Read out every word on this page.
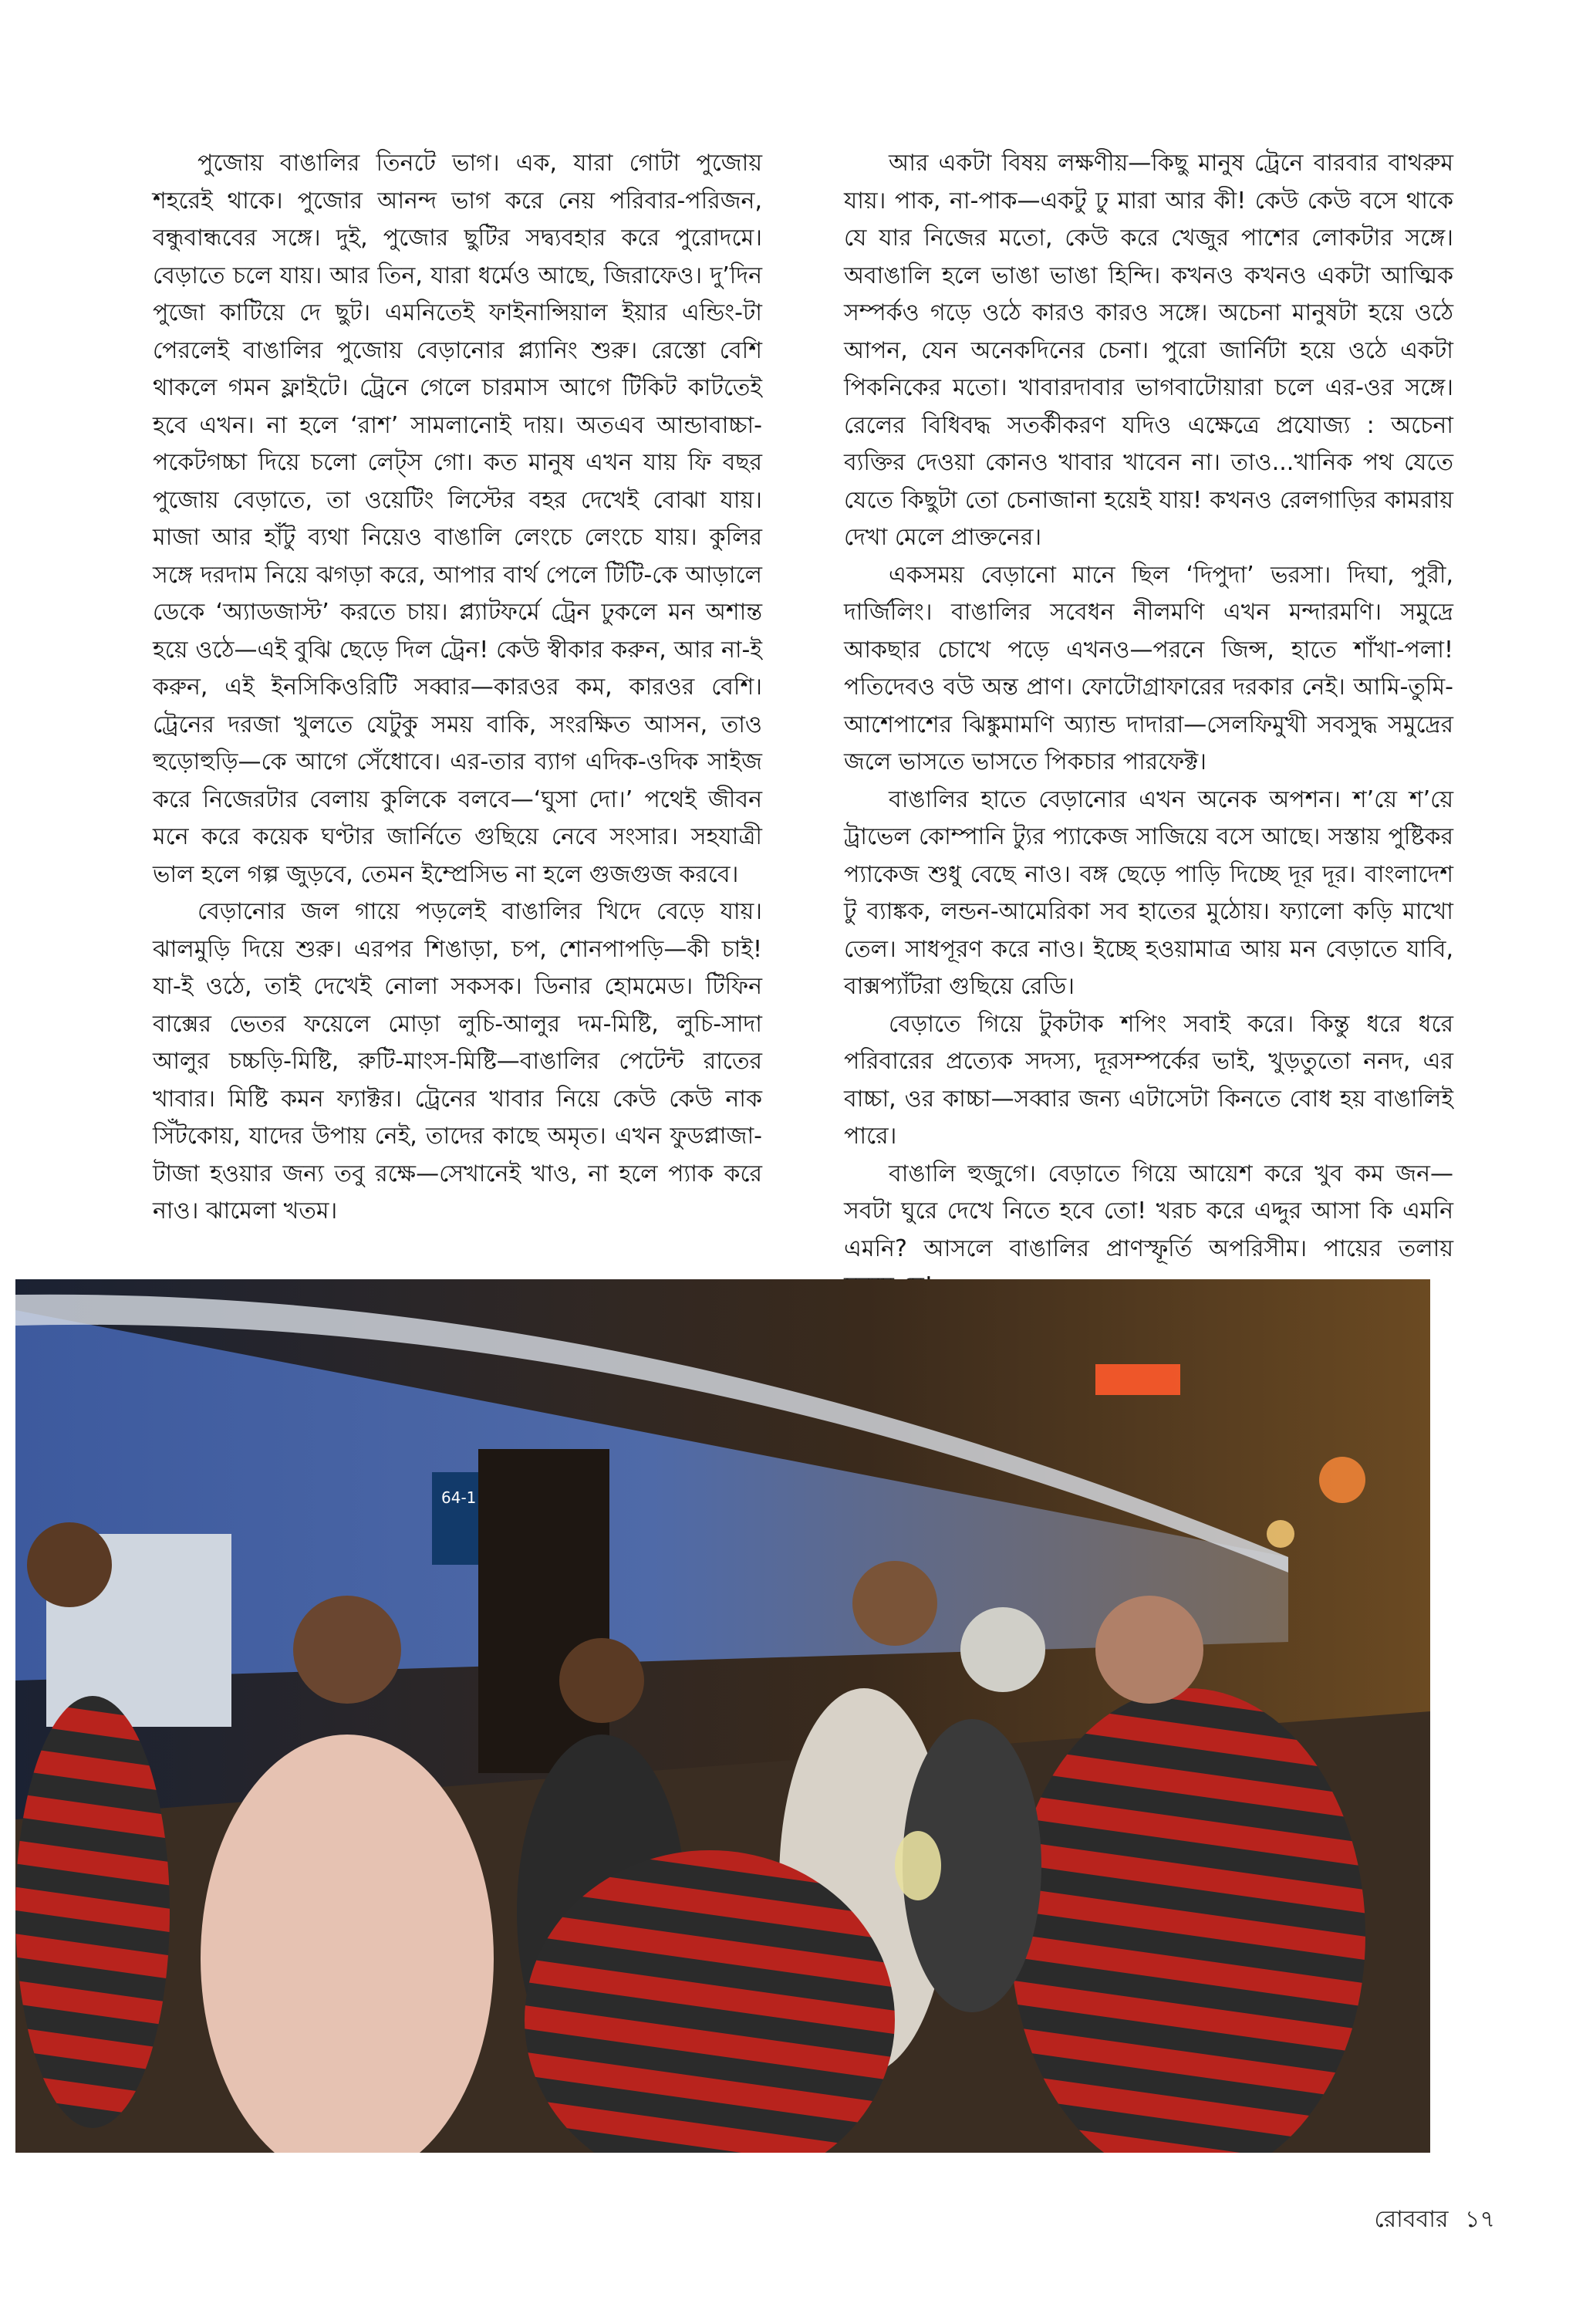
পুজোয় বাঙালির তিনটে ভাগ। এক, যারা গোটা পুজোয় শহরেই থাকে। পুজোর আনন্দ ভাগ করে নেয় পরিবার-পরিজন, বন্ধুবান্ধবের সঙ্গে। দুই, পুজোর ছুটির সদ্ব্যবহার করে পুরোদমে। বেড়াতে চলে যায়। আর তিন, যারা ধর্মেও আছে, জিরাফেও। দু’দিন পুজো কাটিয়ে দে ছুট। এমনিতেই ফাইনান্সিয়াল ইয়ার এন্ডিং-টা পেরলেই বাঙালির পুজোয় বেড়ানোর প্ল্যানিং শুরু। রেস্তো বেশি থাকলে গমন ফ্লাইটে। ট্রেনে গেলে চারমাস আগে টিকিট কাটতেই হবে এখন। না হলে ‘রাশ’ সামলানোই দায়। অতএব আন্ডাবাচ্চা-পকেটগচ্চা দিয়ে চলো লেট্স গো। কত মানুষ এখন যায় ফি বছর পুজোয় বেড়াতে, তা ওয়েটিং লিস্টের বহর দেখেই বোঝা যায়। মাজা আর হাঁটু ব্যথা নিয়েও বাঙালি লেংচে লেংচে যায়। কুলির সঙ্গে দরদাম নিয়ে ঝগড়া করে, আপার বার্থ পেলে টিটি-কে আড়ালে ডেকে ‘অ্যাডজাস্ট’ করতে চায়। প্ল্যাটফর্মে ট্রেন ঢুকলে মন অশান্ত হয়ে ওঠে—এই বুঝি ছেড়ে দিল ট্রেন! কেউ স্বীকার করুন, আর না-ই করুন, এই ইনসিকিওরিটি সব্বার—কারওর কম, কারওর বেশি। ট্রেনের দরজা খুলতে যেটুকু সময় বাকি, সংরক্ষিত আসন, তাও হুড়োহুড়ি—কে আগে সেঁধোবে। এর-তার ব্যাগ এদিক-ওদিক সাইজ করে নিজেরটার বেলায় কুলিকে বলবে—‘ঘুসা দো।’ পথেই জীবন মনে করে কয়েক ঘণ্টার জার্নিতে গুছিয়ে নেবে সংসার। সহযাত্রী ভাল হলে গল্প জুড়বে, তেমন ইম্প্রেসিভ না হলে গুজগুজ করবে।

বেড়ানোর জল গায়ে পড়লেই বাঙালির খিদে বেড়ে যায়। ঝালমুড়ি দিয়ে শুরু। এরপর শিঙাড়া, চপ, শোনপাপড়ি—কী চাই! যা-ই ওঠে, তাই দেখেই নোলা সকসক। ডিনার হোমমেড। টিফিন বাক্সের ভেতর ফয়েলে মোড়া লুচি-আলুর দম-মিষ্টি, লুচি-সাদা আলুর চচ্চড়ি-মিষ্টি, রুটি-মাংস-মিষ্টি—বাঙালির পেটেন্ট রাতের খাবার। মিষ্টি কমন ফ্যাক্টর। ট্রেনের খাবার নিয়ে কেউ কেউ নাক সিঁটকোয়, যাদের উপায় নেই, তাদের কাছে অমৃত। এখন ফুডপ্লাজা-টাজা হওয়ার জন্য তবু রক্ষে—সেখানেই খাও, না হলে প্যাক করে নাও। ঝামেলা খতম।

আর একটা বিষয় লক্ষণীয়—কিছু মানুষ ট্রেনে বারবার বাথরুম যায়। পাক, না-পাক—একটু ঢু মারা আর কী! কেউ কেউ বসে থাকে যে যার নিজের মতো, কেউ করে খেজুর পাশের লোকটার সঙ্গে। অবাঙালি হলে ভাঙা ভাঙা হিন্দি। কখনও কখনও একটা আত্মিক সম্পর্কও গড়ে ওঠে কারও কারও সঙ্গে। অচেনা মানুষটা হয়ে ওঠে আপন, যেন অনেকদিনের চেনা। পুরো জার্নিটা হয়ে ওঠে একটা পিকনিকের মতো। খাবারদাবার ভাগবাটোয়ারা চলে এর-ওর সঙ্গে। রেলের বিধিবদ্ধ সতর্কীকরণ যদিও এক্ষেত্রে প্রযোজ্য : অচেনা ব্যক্তির দেওয়া কোনও খাবার খাবেন না। তাও...খানিক পথ যেতে যেতে কিছুটা তো চেনাজানা হয়েই যায়! কখনও রেলগাড়ির কামরায় দেখা মেলে প্রাক্তনের।

একসময় বেড়ানো মানে ছিল ‘দিপুদা’ ভরসা। দিঘা, পুরী, দার্জিলিং। বাঙালির সবেধন নীলমণি এখন মন্দারমণি। সমুদ্রে আকছার চোখে পড়ে এখনও—পরনে জিন্স, হাতে শাঁখা-পলা! পতিদেবও বউ অন্ত প্রাণ। ফোটোগ্রাফারের দরকার নেই। আমি-তুমি-আশেপাশের ঝিঙ্কুমামণি অ্যান্ড দাদারা—সেলফিমুখী সবসুদ্ধ সমুদ্রের জলে ভাসতে ভাসতে পিকচার পারফেক্ট।

বাঙালির হাতে বেড়ানোর এখন অনেক অপশন। শ’য়ে শ’য়ে ট্রাভেল কোম্পানি ট্যুর প্যাকেজ সাজিয়ে বসে আছে। সস্তায় পুষ্টিকর প্যাকেজ শুধু বেছে নাও। বঙ্গ ছেড়ে পাড়ি দিচ্ছে দূর দূর। বাংলাদেশ টু ব্যাঙ্কক, লন্ডন-আমেরিকা সব হাতের মুঠোয়। ফ্যালো কড়ি মাখো তেল। সাধপূরণ করে নাও। ইচ্ছে হওয়ামাত্র আয় মন বেড়াতে যাবি, বাক্সপ্যাঁটরা গুছিয়ে রেডি।

বেড়াতে গিয়ে টুকটাক শপিং সবাই করে। কিন্তু ধরে ধরে পরিবারের প্রত্যেক সদস্য, দূরসম্পর্কের ভাই, খুড়তুতো ননদ, এর বাচ্চা, ওর কাচ্চা—সব্বার জন্য এটাসেটা কিনতে বোধ হয় বাঙালিই পারে।

বাঙালি হুজুগে। বেড়াতে গিয়ে আয়েশ করে খুব কম জন—সবটা ঘুরে দেখে নিতে হবে তো! খরচ করে এদ্দুর আসা কি এমনি এমনি? আসলে বাঙালির প্রাণস্ফূর্তি অপরিসীম। পায়ের তলায়

64-1
রোববার ১৭
